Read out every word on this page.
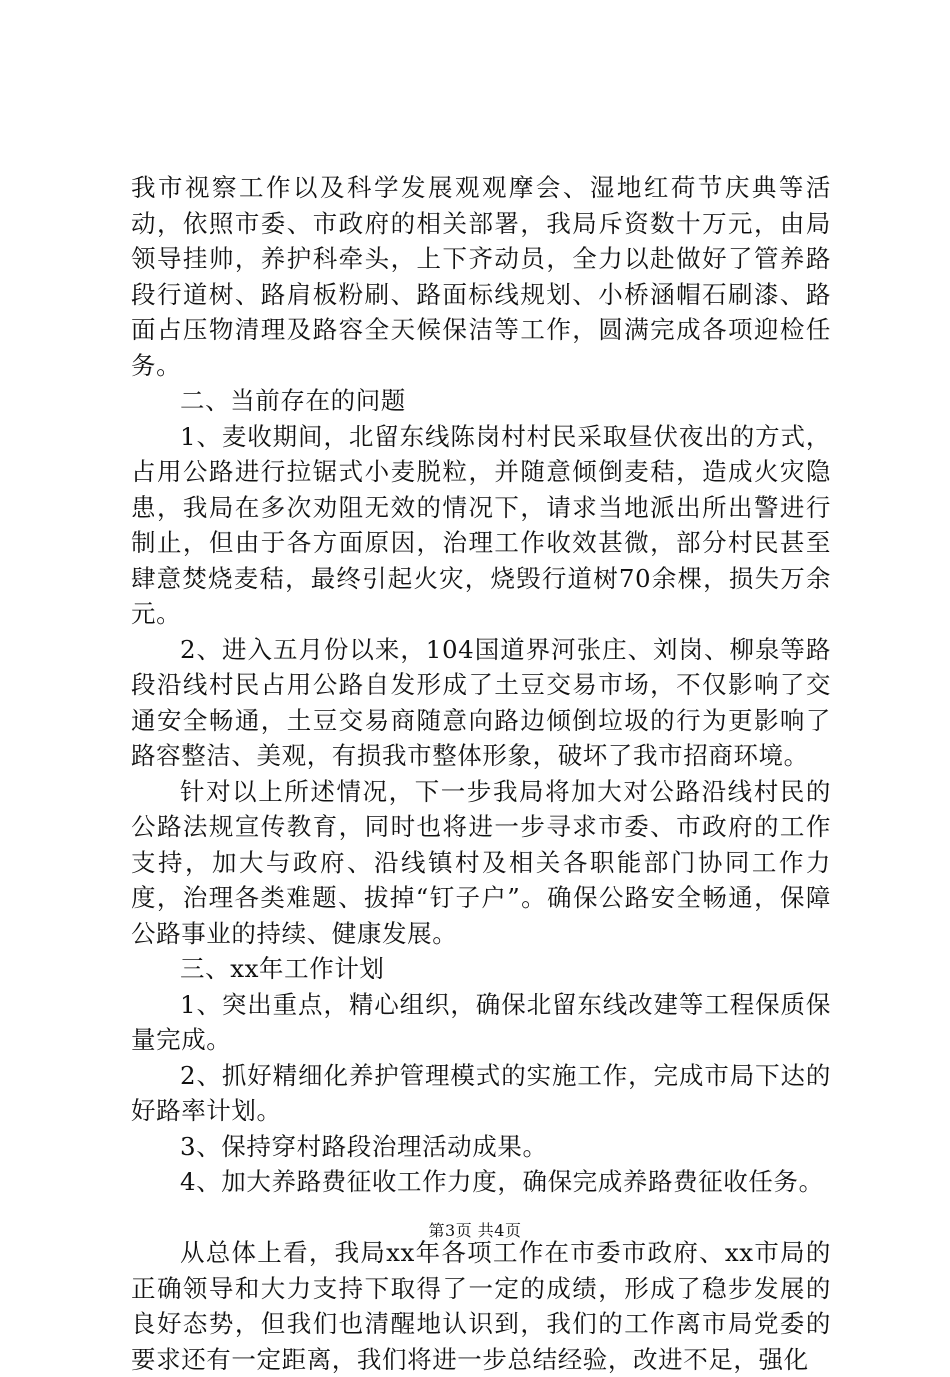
我市视察工作以及科学发展观观摩会、湿地红荷节庆典等活动，依照市委、市政府的相关部署，我局斥资数十万元，由局领导挂帅，养护科牵头，上下齐动员，全力以赴做好了管养路段行道树、路肩板粉刷、路面标线规划、小桥涵帽石刷漆、路面占压物清理及路容全天候保洁等工作，圆满完成各项迎检任务。

二、当前存在的问题

1、麦收期间，北留东线陈岗村村民采取昼伏夜出的方式，占用公路进行拉锯式小麦脱粒，并随意倾倒麦秸，造成火灾隐患，我局在多次劝阻无效的情况下，请求当地派出所出警进行制止，但由于各方面原因，治理工作收效甚微，部分村民甚至肆意焚烧麦秸，最终引起火灾，烧毁行道树70余棵，损失万余元。

2、进入五月份以来，104国道界河张庄、刘岗、柳泉等路段沿线村民占用公路自发形成了土豆交易市场，不仅影响了交通安全畅通，土豆交易商随意向路边倾倒垃圾的行为更影响了路容整洁、美观，有损我市整体形象，破坏了我市招商环境。

针对以上所述情况，下一步我局将加大对公路沿线村民的公路法规宣传教育，同时也将进一步寻求市委、市政府的工作支持，加大与政府、沿线镇村及相关各职能部门协同工作力度，治理各类难题、拔掉“钉子户”。确保公路安全畅通，保障公路事业的持续、健康发展。

三、xx年工作计划

1、突出重点，精心组织，确保北留东线改建等工程保质保量完成。

2、抓好精细化养护管理模式的实施工作，完成市局下达的好路率计划。

3、保持穿村路段治理活动成果。

4、加大养路费征收工作力度，确保完成养路费征收任务。

从总体上看，我局xx年各项工作在市委市政府、xx市局的正确领导和大力支持下取得了一定的成绩，形成了稳步发展的良好态势，但我们也清醒地认识到，我们的工作离市局党委的要求还有一定距离，我们将进一步总结经验，改进不足，强化

第3页 共4页
